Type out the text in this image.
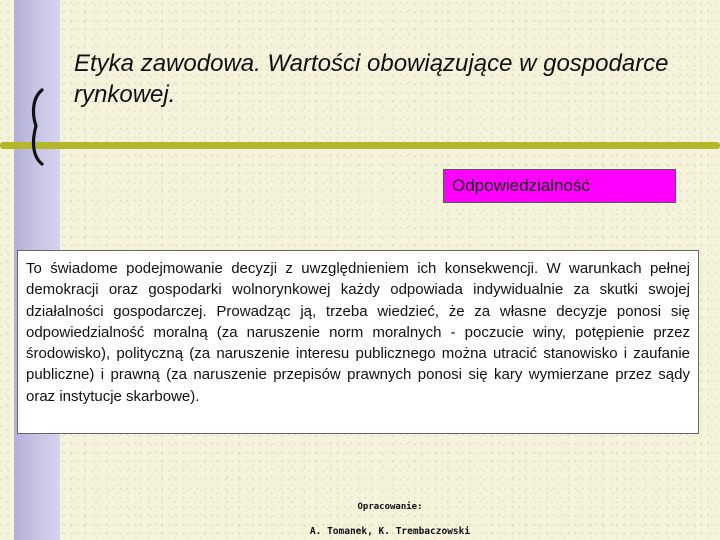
Etyka zawodowa. Wartości obowiązujące w gospodarce rynkowej.
Odpowiedzialność

To świadome podejmowanie decyzji z uwzględnieniem ich konsekwencji. W warunkach pełnej demokracji oraz gospodarki wolnorynkowej każdy odpowiada indywidualnie za skutki swojej działalności gospodarczej. Prowadząc ją, trzeba wiedzieć, że za własne decyzje ponosi się odpowiedzialność moralną (za naruszenie norm moralnych - poczucie winy, potępienie przez środowisko), polityczną (za naruszenie interesu publicznego można utracić stanowisko i zaufanie publiczne) i prawną (za naruszenie przepisów prawnych ponosi się kary wymierzane przez sądy oraz instytucje skarbowe).

Opracowanie:
A. Tomanek, K. Trembaczowski
